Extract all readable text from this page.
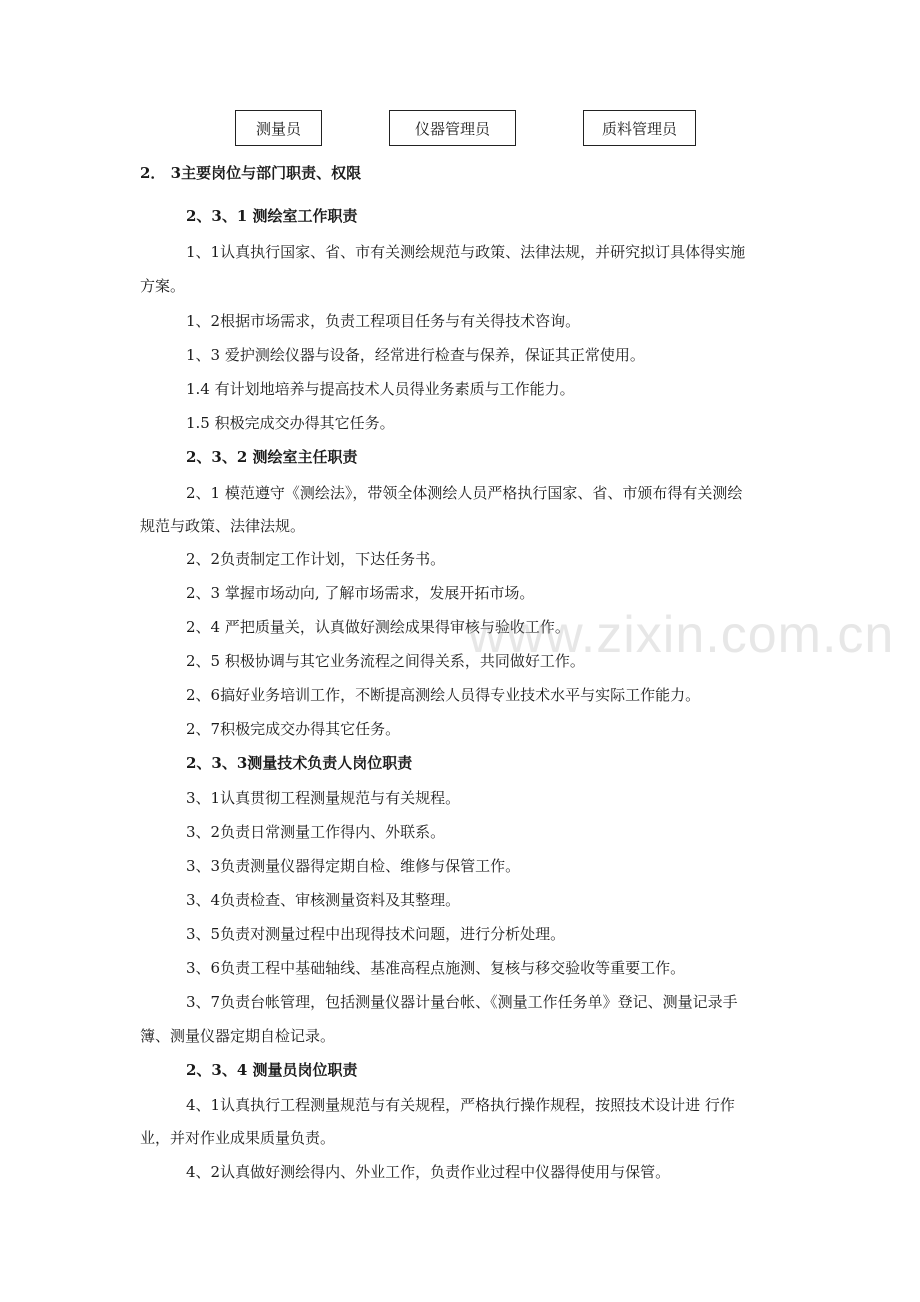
测量员	仪器管理员	质料管理员
2． 3主要岗位与部门职责、权限
2、3、1 测绘室工作职责
1、1认真执行国家、省、市有关测绘规范与政策、法律法规，并研究拟订具体得实施
方案。
1、2根据市场需求，负责工程项目任务与有关得技术咨询。
1、3 爱护测绘仪器与设备，经常进行检查与保养，保证其正常使用。
1.4 有计划地培养与提高技术人员得业务素质与工作能力。
1.5 积极完成交办得其它任务。
2、3、2 测绘室主任职责
2、1 模范遵守《测绘法》，带领全体测绘人员严格执行国家、省、市颁布得有关测绘
规范与政策、法律法规。
2、2负责制定工作计划，下达任务书。
2、3 掌握市场动向, 了解市场需求，发展开拓市场。
2、4 严把质量关，认真做好测绘成果得审核与验收工作。
2、5 积极协调与其它业务流程之间得关系，共同做好工作。
2、6搞好业务培训工作，不断提高测绘人员得专业技术水平与实际工作能力。
2、7积极完成交办得其它任务。
2、3、3测量技术负责人岗位职责
3、1认真贯彻工程测量规范与有关规程。
3、2负责日常测量工作得内、外联系。
3、3负责测量仪器得定期自检、维修与保管工作。
3、4负责检查、审核测量资料及其整理。
3、5负责对测量过程中出现得技术问题，进行分析处理。
3、6负责工程中基础轴线、基准高程点施测、复核与移交验收等重要工作。
3、7负责台帐管理，包括测量仪器计量台帐、《测量工作任务单》登记、测量记录手
簿、测量仪器定期自检记录。
2、3、4 测量员岗位职责
4、1认真执行工程测量规范与有关规程，严格执行操作规程，按照技术设计进 行作
业，并对作业成果质量负责。
4、2认真做好测绘得内、外业工作，负责作业过程中仪器得使用与保管。
www.zixin.com.cn
